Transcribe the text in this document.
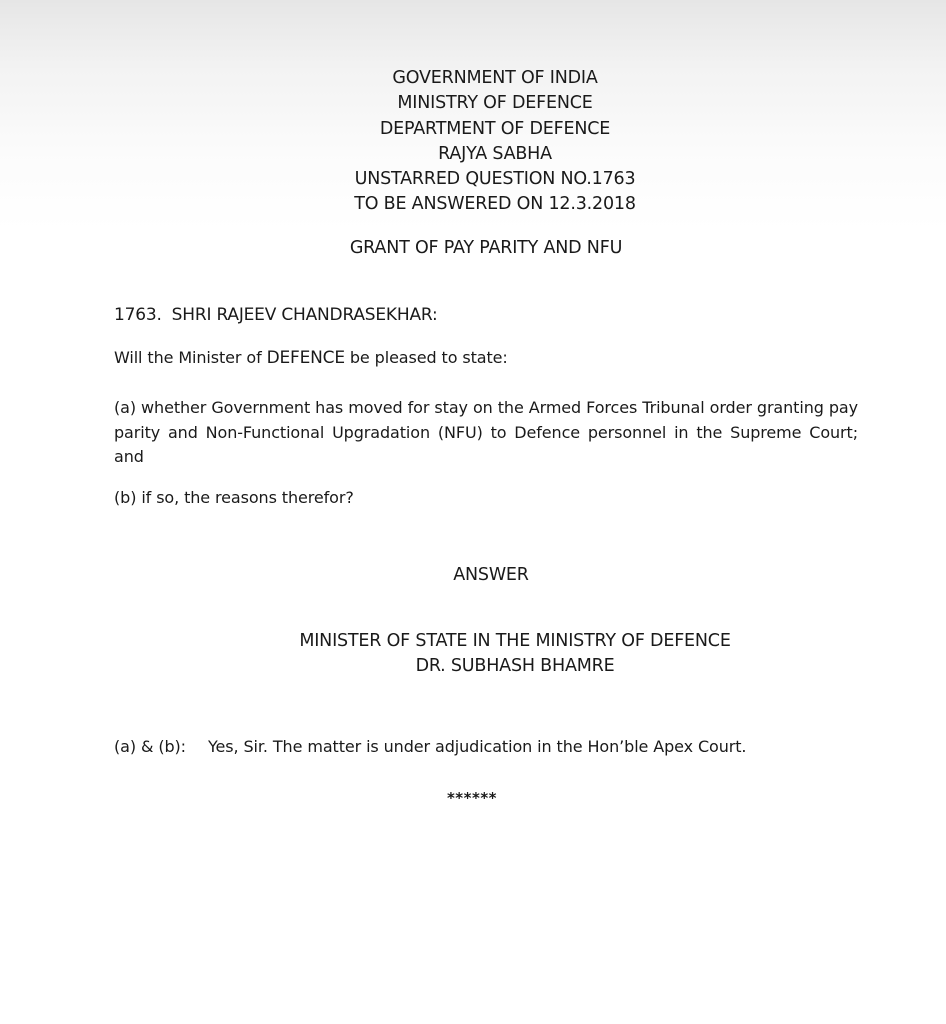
GOVERNMENT OF INDIA
MINISTRY OF DEFENCE
DEPARTMENT OF DEFENCE
RAJYA SABHA
UNSTARRED QUESTION NO.1763
TO BE ANSWERED ON 12.3.2018
GRANT OF PAY PARITY AND NFU
1763. SHRI RAJEEV CHANDRASEKHAR:
Will the Minister of DEFENCE be pleased to state:
(a) whether Government has moved for stay on the Armed Forces Tribunal order granting pay parity and Non-Functional Upgradation (NFU) to Defence personnel in the Supreme Court; and
(b) if so, the reasons therefor?
ANSWER
MINISTER OF STATE IN THE MINISTRY OF DEFENCE
DR. SUBHASH BHAMRE
(a) & (b): Yes, Sir. The matter is under adjudication in the Hon’ble Apex Court.
******
